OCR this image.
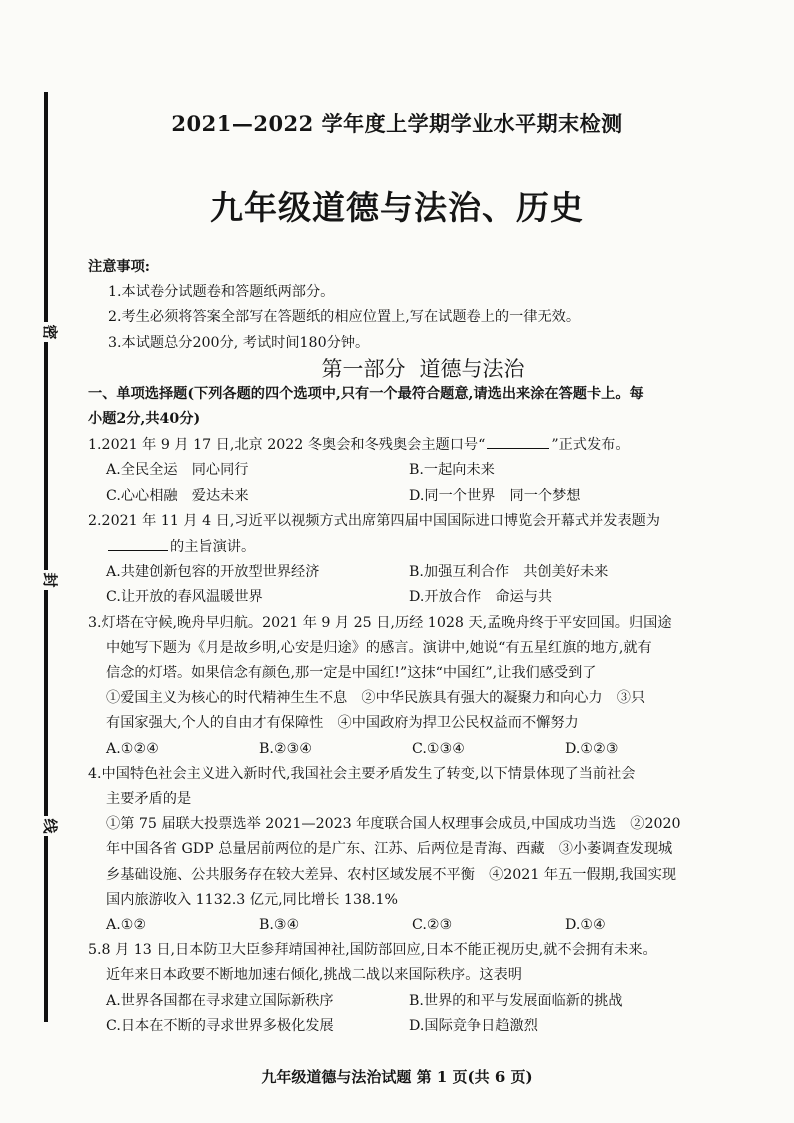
密
封
线
2021—2022 学年度上学期学业水平期末检测
九年级道德与法治、历史
注意事项:
1.本试卷分试题卷和答题纸两部分。
2.考生必须将答案全部写在答题纸的相应位置上,写在试题卷上的一律无效。
3.本试题总分200分, 考试时间180分钟。
第一部分 道德与法治
一、单项选择题(下列各题的四个选项中,只有一个最符合题意,请选出来涂在答题卡上。每
小题2分,共40分)
1.2021 年 9 月 17 日,北京 2022 冬奥会和冬残奥会主题口号“	”正式发布。
A.全民全运　同心同行	B.一起向未来
C.心心相融　爱达未来	D.同一个世界　同一个梦想
2.2021 年 11 月 4 日,习近平以视频方式出席第四届中国国际进口博览会开幕式并发表题为
的主旨演讲。
A.共建创新包容的开放型世界经济	B.加强互利合作　共创美好未来
C.让开放的春风温暖世界	D.开放合作　命运与共
3.灯塔在守候,晚舟早归航。2021 年 9 月 25 日,历经 1028 天,孟晚舟终于平安回国。归国途
中她写下题为《月是故乡明,心安是归途》的感言。演讲中,她说“有五星红旗的地方,就有
信念的灯塔。如果信念有颜色,那一定是中国红!”这抹“中国红”,让我们感受到了
①爱国主义为核心的时代精神生生不息　②中华民族具有强大的凝聚力和向心力　③只
有国家强大,个人的自由才有保障性　④中国政府为捍卫公民权益而不懈努力
A.①②④	B.②③④	C.①③④	D.①②③
4.中国特色社会主义进入新时代,我国社会主要矛盾发生了转变,以下情景体现了当前社会
主要矛盾的是
①第 75 届联大投票选举 2021—2023 年度联合国人权理事会成员,中国成功当选　②2020
年中国各省 GDP 总量居前两位的是广东、江苏、后两位是青海、西藏　③小萎调查发现城
乡基础设施、公共服务存在较大差异、农村区域发展不平衡　④2021 年五一假期,我国实现
国内旅游收入 1132.3 亿元,同比增长 138.1%
A.①②	B.③④	C.②③	D.①④
5.8 月 13 日,日本防卫大臣参拜靖国神社,国防部回应,日本不能正视历史,就不会拥有未来。
近年来日本政要不断地加速右倾化,挑战二战以来国际秩序。这表明
A.世界各国都在寻求建立国际新秩序	B.世界的和平与发展面临新的挑战
C.日本在不断的寻求世界多极化发展	D.国际竞争日趋激烈
九年级道德与法治试题 第 1 页(共 6 页)
